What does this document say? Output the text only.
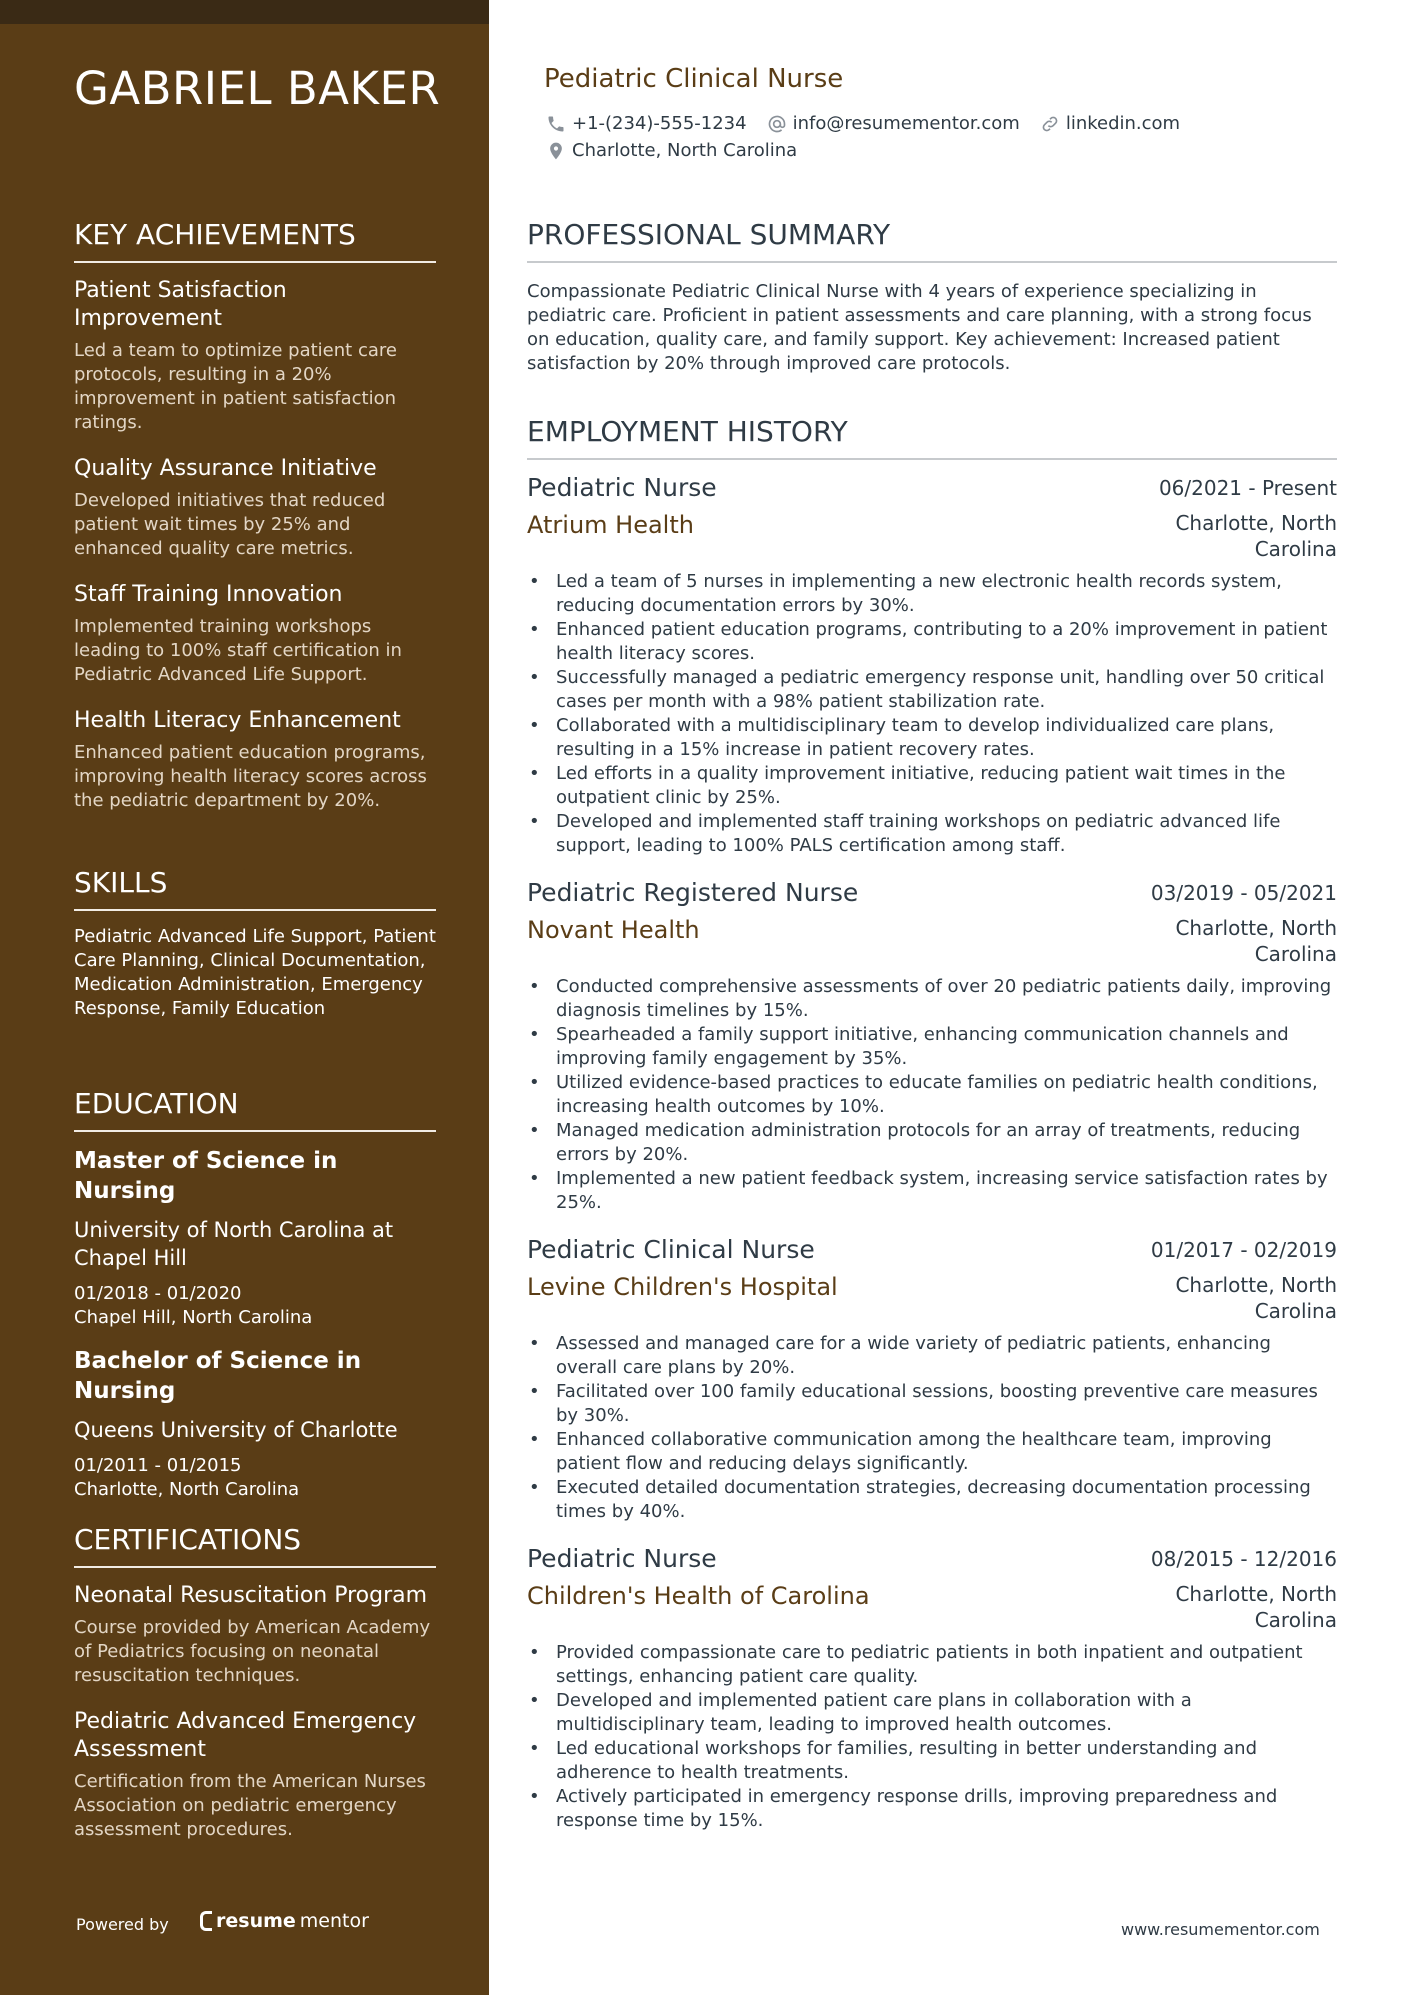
GABRIEL BAKER
KEY ACHIEVEMENTS
Patient Satisfaction Improvement
Led a team to optimize patient care protocols, resulting in a 20% improvement in patient satisfaction ratings.
Quality Assurance Initiative
Developed initiatives that reduced patient wait times by 25% and enhanced quality care metrics.
Staff Training Innovation
Implemented training workshops leading to 100% staff certification in Pediatric Advanced Life Support.
Health Literacy Enhancement
Enhanced patient education programs, improving health literacy scores across the pediatric department by 20%.
SKILLS
Pediatric Advanced Life Support, Patient Care Planning, Clinical Documentation, Medication Administration, Emergency Response, Family Education
EDUCATION
Master of Science in Nursing
University of North Carolina at Chapel Hill
01/2018 - 01/2020
Chapel Hill, North Carolina
Bachelor of Science in Nursing
Queens University of Charlotte
01/2011 - 01/2015
Charlotte, North Carolina
CERTIFICATIONS
Neonatal Resuscitation Program
Course provided by American Academy of Pediatrics focusing on neonatal resuscitation techniques.
Pediatric Advanced Emergency Assessment
Certification from the American Nurses Association on pediatric emergency assessment procedures.
Powered by resume mentor
Pediatric Clinical Nurse
+1-(234)-555-1234	info@resumementor.com	linkedin.com
Charlotte, North Carolina
PROFESSIONAL SUMMARY
Compassionate Pediatric Clinical Nurse with 4 years of experience specializing in pediatric care. Proficient in patient assessments and care planning, with a strong focus on education, quality care, and family support. Key achievement: Increased patient satisfaction by 20% through improved care protocols.
EMPLOYMENT HISTORY
Pediatric Nurse	06/2021 - Present
Atrium Health	Charlotte, North Carolina
• Led a team of 5 nurses in implementing a new electronic health records system, reducing documentation errors by 30%.
• Enhanced patient education programs, contributing to a 20% improvement in patient health literacy scores.
• Successfully managed a pediatric emergency response unit, handling over 50 critical cases per month with a 98% patient stabilization rate.
• Collaborated with a multidisciplinary team to develop individualized care plans, resulting in a 15% increase in patient recovery rates.
• Led efforts in a quality improvement initiative, reducing patient wait times in the outpatient clinic by 25%.
• Developed and implemented staff training workshops on pediatric advanced life support, leading to 100% PALS certification among staff.
Pediatric Registered Nurse	03/2019 - 05/2021
Novant Health	Charlotte, North Carolina
• Conducted comprehensive assessments of over 20 pediatric patients daily, improving diagnosis timelines by 15%.
• Spearheaded a family support initiative, enhancing communication channels and improving family engagement by 35%.
• Utilized evidence-based practices to educate families on pediatric health conditions, increasing health outcomes by 10%.
• Managed medication administration protocols for an array of treatments, reducing errors by 20%.
• Implemented a new patient feedback system, increasing service satisfaction rates by 25%.
Pediatric Clinical Nurse	01/2017 - 02/2019
Levine Children's Hospital	Charlotte, North Carolina
• Assessed and managed care for a wide variety of pediatric patients, enhancing overall care plans by 20%.
• Facilitated over 100 family educational sessions, boosting preventive care measures by 30%.
• Enhanced collaborative communication among the healthcare team, improving patient flow and reducing delays significantly.
• Executed detailed documentation strategies, decreasing documentation processing times by 40%.
Pediatric Nurse	08/2015 - 12/2016
Children's Health of Carolina	Charlotte, North Carolina
• Provided compassionate care to pediatric patients in both inpatient and outpatient settings, enhancing patient care quality.
• Developed and implemented patient care plans in collaboration with a multidisciplinary team, leading to improved health outcomes.
• Led educational workshops for families, resulting in better understanding and adherence to health treatments.
• Actively participated in emergency response drills, improving preparedness and response time by 15%.
www.resumementor.com
